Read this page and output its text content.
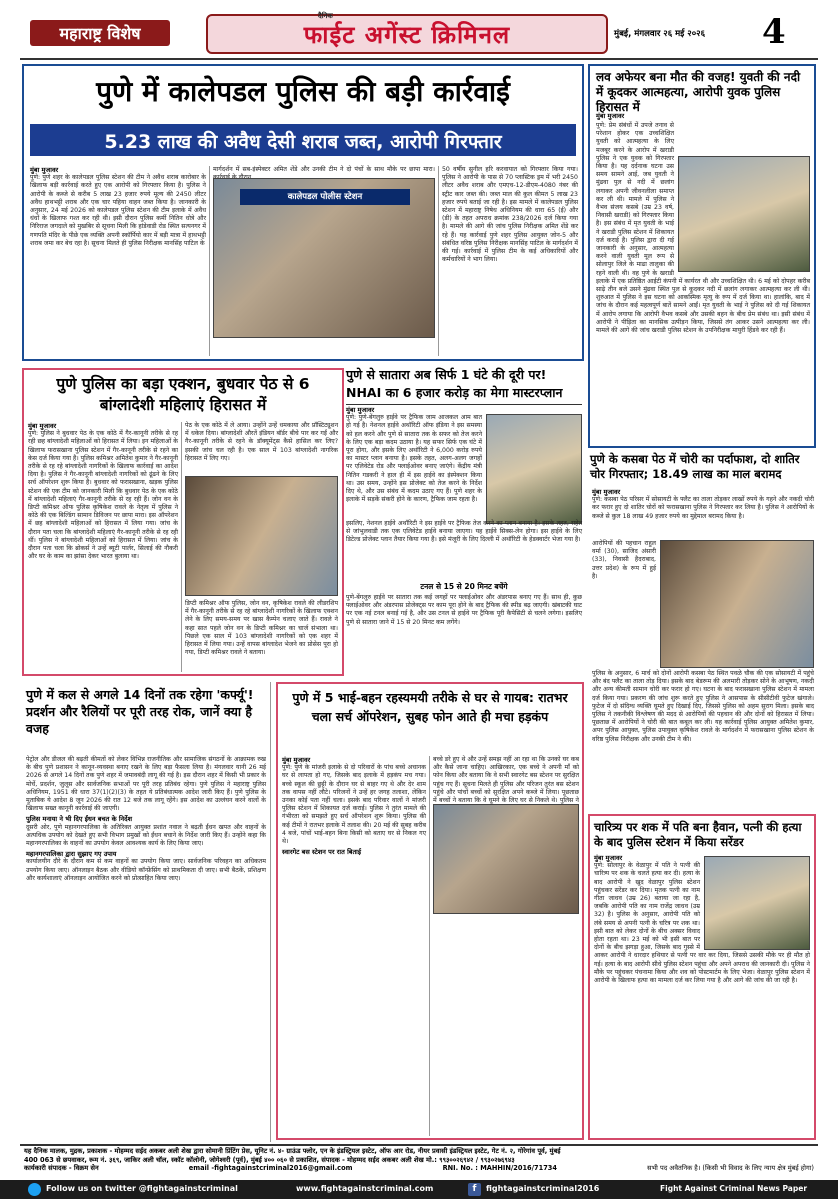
महाराष्ट्र विशेष
दैनिक
फाईट अगेंस्ट क्रिमिनल	मुंबई, मंगलवार २६ मई २०२६ 4
पुणे में कालेपडल पुलिस की बड़ी कार्रवाई
5.23 लाख की अवैध देसी शराब जब्त, आरोपी गिरफ्तार
मुंबा मुजावर
पुणे: पुणे शहर के कालेपडल पुलिस स्टेशन की टीम ने अवैध शराब कारोबार के खिलाफ बड़ी कार्रवाई करते हुए एक आरोपी को गिरफ्तार किया है। पुलिस ने आरोपी के कब्जे से करीब 5 लाख 23 हजार रुपये मूल्य की 2450 लीटर अवैध हाथभट्टी शराब और एक चार पहिया वाहन जब्त किया है। जानकारी के अनुसार, 24 मई 2026 को कालेपडल पुलिस स्टेशन की टीम इलाके में अवैध धंधों के खिलाफ गश्त कर रही थी। इसी दौरान पुलिस कर्मी नितिन धोत्रे और निरिराज जगदाले को मुखबिर से सूचना मिली कि हांडेवाडी रोड स्थित सत्यनगर में गणपति मंदिर के पीछे एक व्यक्ति अपनी स्कॉर्पियो कार में बड़ी मात्रा में हाथभट्टी शराब जमा कर बेच रहा है। सूचना मिलते ही पुलिस निरीक्षक मानसिंह पाटिल के
मार्गदर्शन में सब-इंस्पेक्टर अमित शेंडे और उनकी टीम ने दो पंचों के साथ मौके पर छापा मारा।
कालेपडल पोलीस स्टेशन
50 वर्षीय सुनील हरि करवायात को गिरफ्तार किया गया। पुलिस ने आरोपी के पास से 70 प्लास्टिक ड्रम में भरी 2450 लीटर अवैध शराब और एमएच-12-डीएम-4080 नंबर की स्ट्रीट कार जब्त की। जब्त माल की कुल कीमत 5 लाख 23 हजार रुपये बताई जा रही है। इस मामले में कालेपडल पुलिस स्टेशन में महाराष्ट्र निषेध अधिनियम की धारा 65 (ई) और (डी) के तहत अपराध क्रमांक 238/2026 दर्ज किया गया है। मामले की आगे की जांच पुलिस निरीक्षक अमित शेंडे कर रहे हैं। यह कार्रवाई पुणे शहर पुलिस आयुक्त जोन-5 और संबंधित वरिष्ठ पुलिस निरीक्षक मानसिंह पाटिल के मार्गदर्शन में की गई। कार्रवाई में पुलिस टीम के कई अधिकारियों और कर्मचारियों ने भाग लिया।
लव अफेयर बना मौत की वजह! युवती की नदी में कूदकर आत्महत्या, आरोपी युवक पुलिस हिरासत में
मुंबा मुजावर
पुणे: प्रेम संबंधों में उपजे तनाव से परेशान होकर एक उच्चशिक्षित युवती को आत्महत्या के लिए मजबूर करने के आरोप में खराडी पुलिस ने एक युवक को गिरफ्तार किया है। यह दर्दनाक घटना उस समय सामने आई, जब युवती ने मुंढवा पुल से नदी में छलांग लगाकर अपनी जीवनलीला समाप्त कर ली थी। मामले में पुलिस ने वैभव संजय कसबे (उम्र 23 वर्ष, निवासी खराडी) को गिरफ्तार किया है। इस संबंध में मृत युवती के भाई ने खराडी पुलिस स्टेशन में शिकायत दर्ज कराई है। पुलिस द्वारा दी गई जानकारी के अनुसार, आत्महत्या करने वाली युवती मूल रूप से सोलापुर जिले के माढा तालुका की रहने वाली थी। वह पुणे के खराडी इलाके में एक प्रतिष्ठित आईटी कंपनी में कार्यरत थी और उच्चशिक्षित थी। 6 मई को दोपहर करीब साढ़े तीन बजे उसने मुंढवा स्थित पुल से कूदकर नदी में छलांग लगाकर आत्महत्या कर ली थी। शुरुआत में पुलिस ने इस घटना को आकस्मिक मृत्यु के रूप में दर्ज किया था। हालांकि, बाद में जांच के दौरान कई महत्वपूर्ण बातें सामने आईं। मृत युवती के भाई ने पुलिस को दी गई शिकायत में आरोप लगाया कि आरोपी वैभव कसबे और उसकी बहन के बीच प्रेम संबंध था। इसी संबंध में आरोपी ने पीड़िता का मानसिक उत्पीड़न किया, जिससे तंग आकर उसने आत्महत्या कर ली। मामले की आगे की जांच खराडी पुलिस स्टेशन के उपनिरीक्षक मायुरी हिंडवे कर रही हैं।
पुणे पुलिस का बड़ा एक्शन, बुधवार पेठ से 6 बांग्लादेशी महिलाएं हिरासत में
मुंबा मुजावर
पुणे: पुलिस ने बुधवार पेठ के एक कोठे में गैर-कानूनी तरीके से रह रही छह बांग्लादेशी महिलाओं को हिरासत में लिया। इन महिलाओं के खिलाफ फरासखाना पुलिस स्टेशन में गैर-कानूनी तरीके से रहने का केस दर्ज किया गया है। पुलिस कमिश्नर अमितेश कुमार ने गैर-कानूनी तरीके से रह रहे बांग्लादेशी नागरिकों के खिलाफ कार्रवाई का आदेश दिया है। पुलिस ने गैर-कानूनी बांग्लादेशी नागरिकों को ढूंढने के लिए सर्च ऑपरेशन शुरू किया है। बुधवार को फरासखाना, खड़क पुलिस स्टेशन की एक टीम को जानकारी मिली कि बुधवार पेठ के एक कोठे में बांग्लादेशी महिलाएं गैर-कानूनी तरीके से रह रही हैं। जोन वन के डिप्टी कमिश्नर ऑफ पुलिस कृषिकेश रावले के नेतृत्व में पुलिस ने कोठे की एक बिल्डिंग सामान डिविजन पर छापा मारा। इस ऑपरेशन में छह बांग्लादेशी महिलाओं को हिरासत में लिया गया। जांच के दौरान पता चला कि बांग्लादेशी महिलाएं गैर-कानूनी तरीके से रह रही थीं। पुलिस ने बांग्लादेशी महिलाओं को हिरासत में लिया। जांच के दौरान पता चला कि ब्रोकर्स ने उन्हें ब्यूटी पार्लर, सिलाई की नौकरी और घर के काम का झांसा देकर भारत बुलाया था।
पेठ के एक कोठे में ले आया। उन्होंने उन्हें धमकाया और प्रॉस्टिट्यूशन में धकेल दिया। बांग्लादेशी औरतें इंडियन बॉर्डर बीचे पार कर गईं और गैर-कानूनी तरीके से रहने के डॉक्यूमेंट्स कैसे हासिल कर लिए? इसकी जांच चल रही है। एक साल में 103 बांग्लादेशी नागरिक हिरासत में लिए गए।
डिप्टी कमिश्नर ऑफ पुलिस, जोन वन, कृषिकेश रावले की लीडरशिप में गैर-कानूनी तरीके से रह रहे बांग्लादेशी नागरिकों के खिलाफ एक्शन लेने के लिए समय-समय पर खास कैम्पेन चलाए जाते हैं। रावले ने कहा सात पहले जोन वन के डिप्टी कमिश्नर का चार्ज संभाला था। पिछले एक साल में 103 बांग्लादेशी नागरिकों को एक शहर में हिरासत में लिया गया। उन्हें वापस बांग्लादेश भेजने का प्रोसेस पूरा हो गया, डिप्टी कमिश्नर रावले ने बताया।
पुणे से सातारा अब सिर्फ 1 घंटे की दूरी पर! NHAI का 6 हजार करोड़ का मेगा मास्टरप्लान
मुंबा मुजावर
पुणे: पुणे-बेंगलुरु हाईवे पर ट्रैफिक जाम आजकल आम बात हो गई है। नेशनल हाईवे अथॉरिटी ऑफ इंडिया ने इस समस्या को हल करने और पुणे से सातारा तक के सफर को तेज करने के लिए एक बड़ा कदम उठाया है। यह सफर सिर्फ एक घंटे में पूरा होगा, और इसके लिए अथॉरिटी ने 6,000 करोड़ रुपये का मास्टर प्लान बनाया है। इसके तहत, अलग-अलग जगहों पर एलिवेटेड रोड और फ्लाईओवर बनाए जाएंगे। केंद्रीय मंत्री नितिन गडकरी ने हाल ही में इस हाईवे का इंस्पेक्शन किया था। उस समय, उन्होंने इस प्रोजेक्ट को तेज करने के निर्देश दिए थे, और उस संबंध में कदम उठाए गए हैं। पुणे शहर के इलाके में सड़कें संकरी होने के कारण, ट्रैफिक जाम रहता है।
इसलिए, नेशनल हाईवे अथॉरिटी ने इस हाईवे पर ट्रैफिक तेज करने का प्लान बनाया है। इसके तहत, राहेत से जांभुलवाडी तक एक एलिवेटेड हाईवे बनाया जाएगा। यह हाईवे सिक्स-लेन होगा। इस हाईवे के लिए डिटेल्ड प्रोजेक्ट प्लान तैयार किया गया है। इसे मंजूरी के लिए दिल्ली में अथॉरिटी के हेडक्वार्टर भेजा गया है।
टनल से 15 से 20 मिनट बचेंगे
पुणे-बेंगलुरु हाईवे पर सातारा तक कई जगहों पर फ्लाईओवर और अंडरपास बनाए गए हैं। साथ ही, कुछ फ्लाईओवर और अंडरपास प्रोजेक्ट्स पर काम पूरा होने के बाद ट्रैफिक की स्पीड बढ़ जाएगी। खंबाटकी घाट पर एक नई टनल बनाई गई है, और उस टनल से हाईवे पर ट्रैफिक पूरी कैपेसिटी से चलने लगेगा। इसलिए पुणे से सातारा जाने में 15 से 20 मिनट कम लगेंगे।
पुणे के कसबा पेठ में चोरी का पर्दाफाश, दो शातिर चोर गिरफ्तार; 18.49 लाख का माल बरामद
मुंबा मुजावर
पुणे: कसबा पेठ परिसर में सोसायटी के फ्लैट का ताला तोड़कर लाखों रुपये के गहने और नकदी चोरी कर फरार हुए दो शातिर चोरों को फरासखाना पुलिस ने गिरफ्तार कर लिया है। पुलिस ने आरोपियों के कब्जे से कुल 18 लाख 49 हजार रुपये का मुद्देमाल बरामद किया है।
आरोपियों की पहचान राहुल वर्मा (30), साजिद अंसारी (33), निवासी हैदराबाद, उत्तर प्रदेश) के रूप में हुई है।
पुलिस के अनुसार, 6 मार्च को दोनों आरोपी कसबा पेठ स्थित पवळे चौक की एक सोसायटी में पहुंचे और बंद फ्लैट का ताला तोड़ दिया। इसके बाद बेडरूम की अलमारी तोड़कर सोने के आभूषण, नकदी और अन्य कीमती सामान चोरी कर फरार हो गए। घटना के बाद फरासखाना पुलिस स्टेशन में मामला दर्ज किया गया। प्रकरण की जांच शुरू करते हुए पुलिस ने आसपास के सीसीटीवी फुटेज खंगाले। फुटेज में दो संदिग्ध व्यक्ति घूमते हुए दिखाई दिए, जिससे पुलिस को अहम सुराग मिला। इसके बाद पुलिस ने तकनीकी विश्लेषण की मदद से आरोपियों की पहचान की और दोनों को हिरासत में लिया। पूछताछ में आरोपियों ने चोरी की बात कबूल कर ली। यह कार्रवाई पुलिस आयुक्त अमितेश कुमार, अपर पुलिस आयुक्त, पुलिस उपायुक्त कृषिकेश रावले के मार्गदर्शन में फरासखाना पुलिस स्टेशन के वरिष्ठ पुलिस निरीक्षक और उनकी टीम ने की।
पुणे में कल से अगले 14 दिनों तक रहेगा 'कर्फ्यू'! प्रदर्शन और रैलियों पर पूरी तरह रोक, जानें क्या है वजह
पेट्रोल और डीजल की बढ़ती कीमतों को लेकर विभिन्न राजनीतिक और सामाजिक संगठनों के आक्रामक रुख के बीच पुणे प्रशासन ने कानून-व्यवस्था बनाए रखने के लिए बड़ा फैसला लिया है। मंगलवार यानी 26 मई 2026 से अगले 14 दिनों तक पुणे शहर में जमावबंदी लागू की गई है। इस दौरान शहर में किसी भी प्रकार के मोर्चे, प्रदर्शन, जुलूस और सार्वजनिक सभाओं पर पूरी तरह प्रतिबंध रहेगा। पुणे पुलिस ने महाराष्ट्र पुलिस अधिनियम, 1951 की धारा 37(1)(2)(3) के तहत ये प्रतिबंधात्मक आदेश जारी किए हैं। पुणे पुलिस के मुताबिक ये आदेश 8 जून 2026 की रात 12 बजे तक लागू रहेंगे। इस आदेश का उल्लंघन करने वालों के खिलाफ सख्त कानूनी कार्रवाई की जाएगी।
पुलिस मनाया ने भी दिए ईंधन बचत के निर्देश
दूसरी ओर, पुणे महानगरपालिका के अतिरिक्त आयुक्त प्रशांत नवाल ने बढ़ती ईंधन खपत और वाहनों के अत्यधिक उपयोग को देखते हुए सभी विभाग प्रमुखों को ईंधन बचाने के निर्देश जारी किए हैं। उन्होंने कहा कि महानगरपालिका के वाहनों का उपयोग केवल आवश्यक कार्य के लिए किया जाए।
महानगरपालिका द्वारा सुझाए गए उपाय
कार्यालयीन दौरे के दौरान कम से कम वाहनों का उपयोग किया जाए। सार्वजनिक परिवहन का अधिकतम उपयोग किया जाए। ऑनलाइन बैठक और वीडियो कॉन्फ्रेंसिंग को प्राथमिकता दी जाए। सभी बैठकें, प्रशिक्षण और कार्यशालाएं ऑनलाइन आयोजित करने को प्रोत्साहित किया जाए।
पुणे में 5 भाई-बहन रहस्यमयी तरीके से घर से गायब: रातभर चला सर्च ऑपरेशन, सुबह फोन आते ही मचा हड़कंप
मुंबा मुजावर
पुणे: पुणे के मांजरी इलाके से दो परिवारों के पांच बच्चे अचानक घर से लापता हो गए, जिसके बाद इलाके में हड़कंप मच गया। बच्चे स्कूल की छुट्टी के दौरान घर से बाहर गए थे और देर शाम तक वापस नहीं लौटे। परिजनों ने उन्हें हर जगह तलाशा, लेकिन उनका कोई पता नहीं चला। इसके बाद परिवार वालों ने मांजरी पुलिस स्टेशन में शिकायत दर्ज कराई। पुलिस ने तुरंत मामले की गंभीरता को समझते हुए सर्च ऑपरेशन शुरू किया। पुलिस की कई टीमों ने रातभर इलाके में तलाश की। 20 मई की सुबह करीब 4 बजे, पांचों भाई-बहन बिना किसी को बताए घर से निकल गए थे।
स्वारगेट बस स्टेशन पर रात बिताई
बच्चे डरे हुए थे और उन्हें समझ नहीं आ रहा था कि उनको घर कब और कैसे जाना चाहिए। आखिरकार, एक बच्चे ने अपनी माँ को फोन किया और बताया कि वे सभी स्वारगेट बस स्टेशन पर सुरक्षित पहुंच गए हैं। सूचना मिलते ही पुलिस और परिजन तुरंत बस स्टेशन पहुंचे और पांचों बच्चों को सुरक्षित अपने कब्जे में लिया। पूछताछ में बच्चों ने बताया कि वे घूमने के लिए घर से निकले थे। पुलिस ने
चारित्र्य पर शक में पति बना हैवान, पत्नी की हत्या के बाद पुलिस स्टेशन में किया सरेंडर
मुंबा मुजावर
पुणे: सोलापुर के वेळापुर में पति ने पत्नी की चारित्र्य पर शक के चलते हत्या कर दी। हत्या के बाद आरोपी ने खुद वेळापुर पुलिस स्टेशन पहुंचकर सरेंडर कर दिया। मृतक पत्नी का नाम गीता जाधव (उम्र 26) बताया जा रहा है, जबकि आरोपी पति का नाम राजेंद्र जाधव (उम्र 32) है। पुलिस के अनुसार, आरोपी पति को लंबे समय से अपनी पत्नी के चरित्र पर शक था। इसी बात को लेकर दोनों के बीच अक्सर विवाद होता रहता था। 23 मई को भी इसी बात पर दोनों के बीच झगड़ा हुआ, जिसके बाद गुस्से में आकर आरोपी ने धारदार हथियार से पत्नी पर वार कर दिया, जिससे उसकी मौके पर ही मौत हो गई। हत्या के बाद आरोपी सीधे पुलिस स्टेशन पहुंचा और अपने अपराध की जानकारी दी। पुलिस ने मौके पर पहुंचकर पंचनामा किया और शव को पोस्टमार्टम के लिए भेजा। वेळापुर पुलिस स्टेशन में आरोपी के खिलाफ हत्या का मामला दर्ज कर लिया गया है और आगे की जांच की जा रही है।
यह दैनिक मालक, मुद्रक, प्रकाशक - मोहम्मद सईद अकबर अली शेख द्वारा सोमानी प्रिंटिंग प्रेस, यूनिट नं. ४- ग्राऊंड फ्लोर, एन के इंडस्ट्रियल इस्टेट, ऑफ आर रोड, नीयर प्रवासी इंडस्ट्रियल इस्टेट, गेट नं. २, गोरेगांव पूर्व, मुंबई
400 063 से छपवाकर, रूम नं. ३६९, जाकिर अली चॉल, स्कॉट कॉलोनी, जोगेश्वरी (पूर्व), मुंबई ४०० ०६० से प्रकाशित, संपादक - मोहम्मद सईद अकबर अली शेख मो.: ९९३००२६९४२ / ९९३०२७६९४३
कार्यकारी संपादक - विक्रम सेन	email -fightagainstcriminal2016@gmail.com	RNI. No. : MAHHIN/2016/71734	सभी पद अवैतनिक है। (किसी भी विवाद के लिए न्याय क्षेत्र मुंबई होगा)
Follow us on twitter @fightagainstcriminal	www.fightagainstcriminal.com	f	fightagainstcriminal2016	Fight Against Criminal News Paper
